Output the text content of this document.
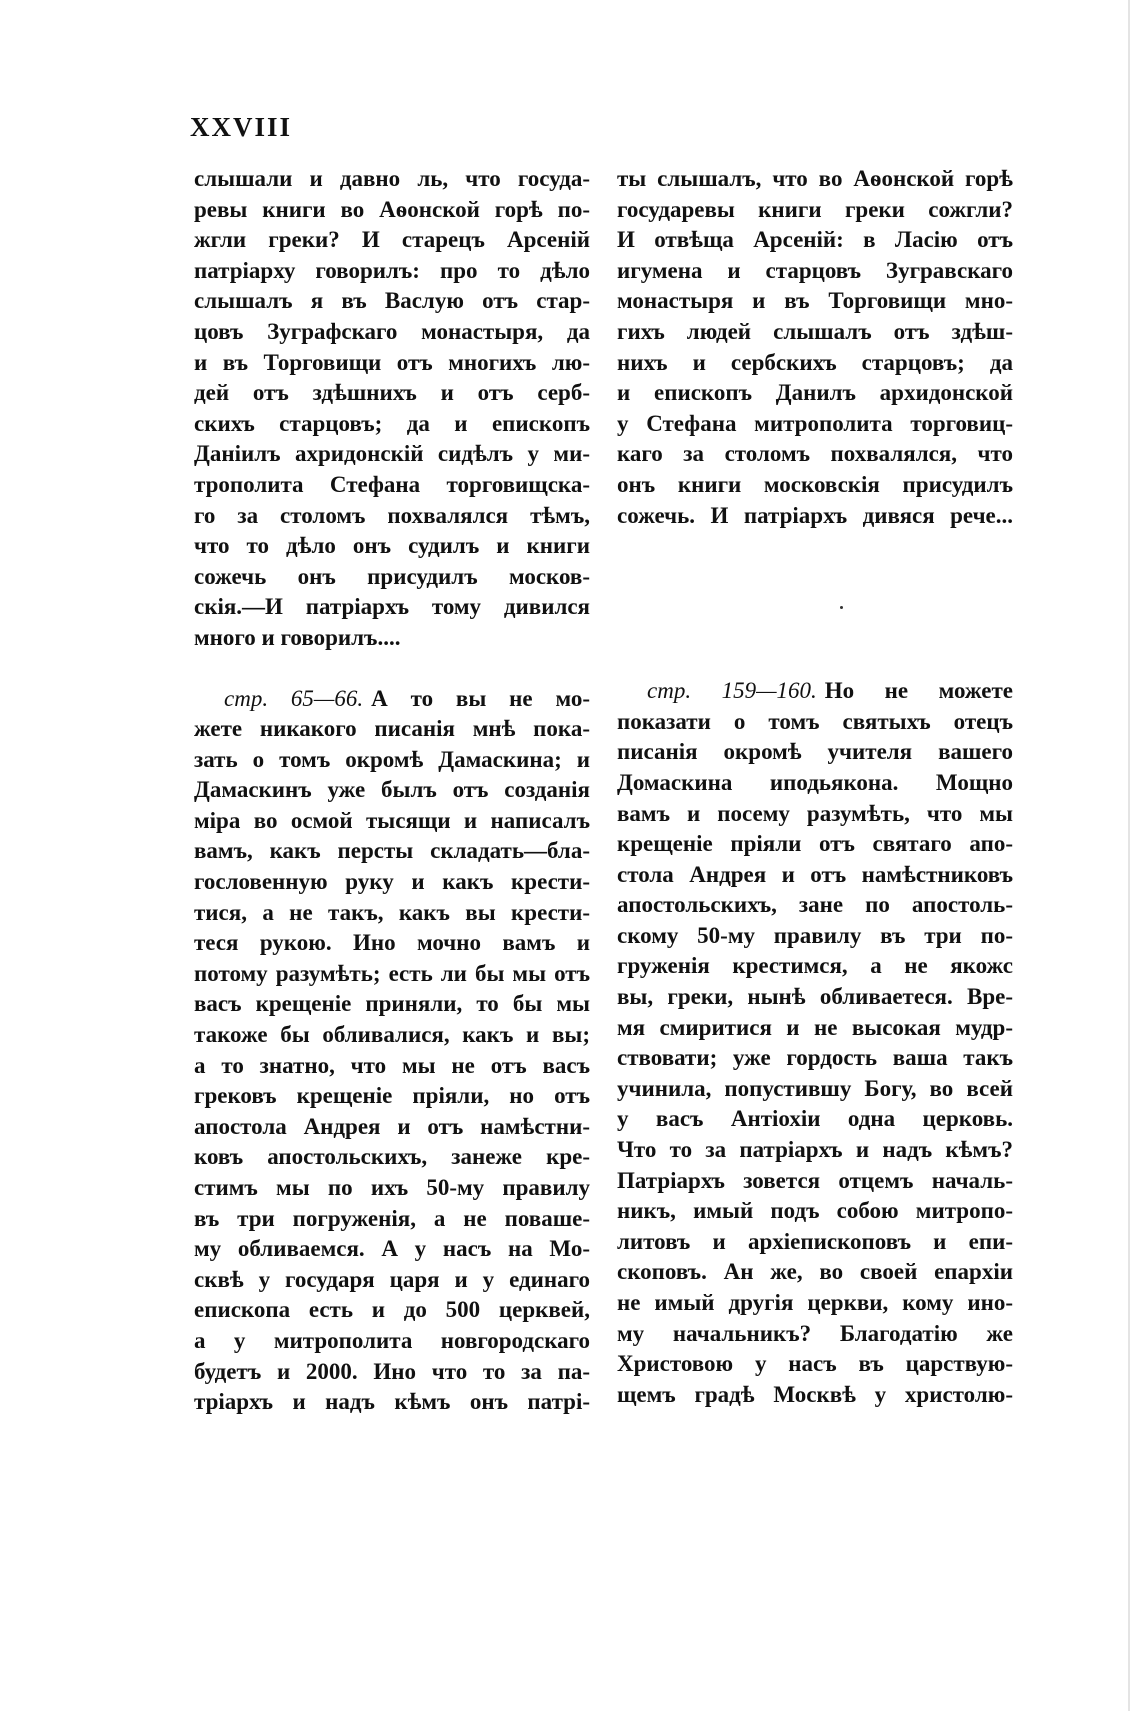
XXVIII
слышали и давно ль, что госуда-
ревы книги во Аѳонской горѣ по-
жгли греки? И старецъ Арсеній
патріарху говорилъ: про то дѣло
слышалъ я въ Васлую отъ стар-
цовъ Зуграфскаго монастыря, да
и въ Торговищи отъ многихъ лю-
дей отъ здѣшнихъ и отъ серб-
скихъ старцовъ; да и епископъ
Даніилъ ахридонскій сидѣлъ у ми-
трополита Стефана торговищска-
го за столомъ похвалялся тѣмъ,
что то дѣло онъ судилъ и книги
сожечь онъ присудилъ москов-
скія.—И патріархъ тому дивился
много и говорилъ....
стр. 65—66. А то вы не мо-
жете никакого писанія мнѣ пока-
зать о томъ окромѣ Дамаскина; и
Дамаскинъ уже былъ отъ созданія
міра во осмой тысящи и написалъ
вамъ, какъ персты складать—бла-
гословенную руку и какъ крести-
тися, а не такъ, какъ вы крести-
теся рукою. Ино мочно вамъ и
потому разумѣть; есть ли бы мы отъ
васъ крещеніе приняли, то бы мы
такоже бы обливалися, какъ и вы;
а то знатно, что мы не отъ васъ
грековъ крещеніе пріяли, но отъ
апостола Андрея и отъ намѣстни-
ковъ апостольскихъ, занеже кре-
стимъ мы по ихъ 50-му правилу
въ три погруженія, а не поваше-
му обливаемся. А у насъ на Мо-
сквѣ у государя царя и у единаго
епископа есть и до 500 церквей,
а у митрополита новгородскаго
будетъ и 2000. Ино что то за па-
тріархъ и надъ кѣмъ онъ патрі-
ты слышалъ, что во Аѳонской горѣ
государевы книги греки сожгли?
И отвѣща Арсеній: в Ласію отъ
игумена и старцовъ Зугравскаго
монастыря и въ Торговищи мно-
гихъ людей слышалъ отъ здѣш-
нихъ и сербскихъ старцовъ; да
и епископъ Данилъ архидонской
у Стефана митрополита торговиц-
каго за столомъ похвалялся, что
онъ книги московскія присудилъ
сожечь. И патріархъ дивяся рече...
стр. 159—160. Но не можете
показати о томъ святыхъ отецъ
писанія окромѣ учителя вашего
Домаскина иподьякона. Мощно
вамъ и посему разумѣть, что мы
крещеніе пріяли отъ святаго апо-
стола Андрея и отъ намѣстниковъ
апостольскихъ, зане по апостоль-
скому 50-му правилу въ три по-
груженія крестимся, а не якожс
вы, греки, нынѣ обливаетеся. Вре-
мя смиритися и не высокая мудр-
ствовати; уже гордость ваша такъ
учинила, попустившу Богу, во всей
у васъ Антіохіи одна церковь.
Что то за патріархъ и надъ кѣмъ?
Патріархъ зовется отцемъ началь-
никъ, имый подъ собою митропо-
литовъ и архіепископовъ и епи-
скоповъ. Ан же, во своей епархіи
не имый другія церкви, кому ино-
му начальникъ? Благодатію же
Христовою у насъ въ царствую-
щемъ градѣ Москвѣ у христолю-
